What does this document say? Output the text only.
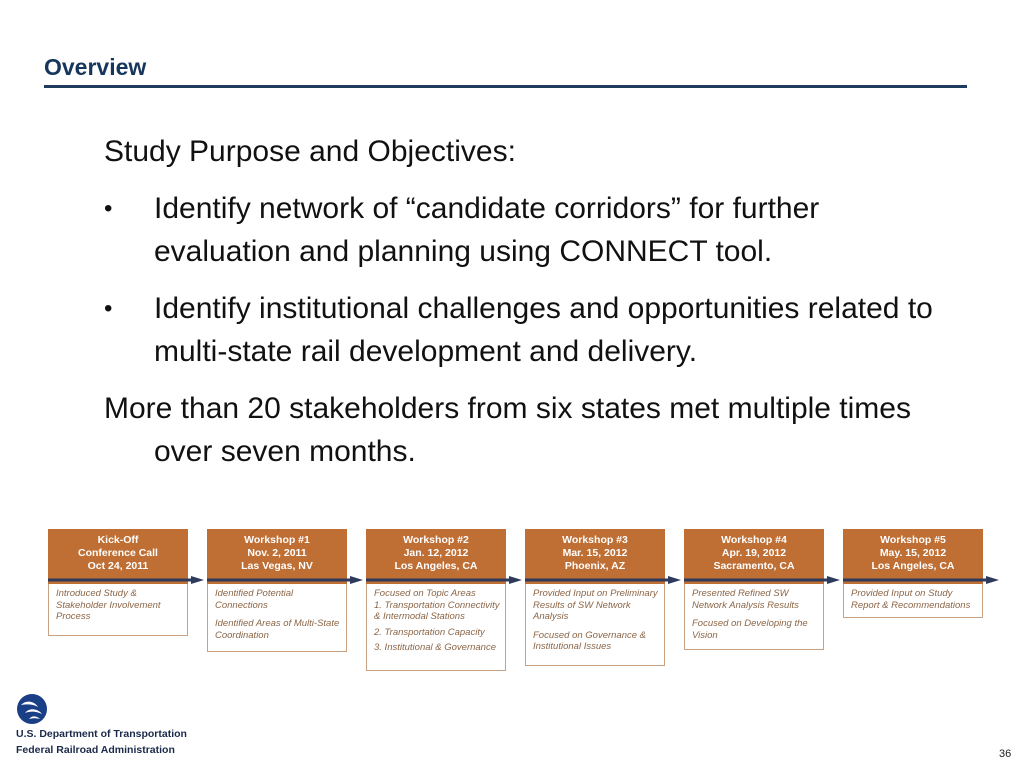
Overview

Study Purpose and Objectives:

•	Identify network of “candidate corridors” for further evaluation and planning using CONNECT tool.
•	Identify institutional challenges and opportunities related to multi-state rail development and delivery.

More than 20 stakeholders from six states met multiple times over seven months.

Kick-Off
Conference Call
Oct 24, 2011
Introduced Study & Stakeholder Involvement Process
Workshop #1
Nov. 2, 2011
Las Vegas, NV
Identified Potential Connections
Identified Areas of Multi-State Coordination
Workshop #2
Jan. 12, 2012
Los Angeles, CA
Focused on Topic Areas
1. Transportation Connectivity & Intermodal Stations
2. Transportation Capacity
3. Institutional & Governance
Workshop #3
Mar. 15, 2012
Phoenix, AZ
Provided Input on Preliminary Results of SW Network Analysis
Focused on Governance & Institutional Issues
Workshop #4
Apr. 19, 2012
Sacramento, CA
Presented Refined SW Network Analysis Results
Focused on Developing the Vision
Workshop #5
May. 15, 2012
Los Angeles, CA
Provided Input on Study Report & Recommendations
U.S. Department of Transportation
Federal Railroad Administration	36
